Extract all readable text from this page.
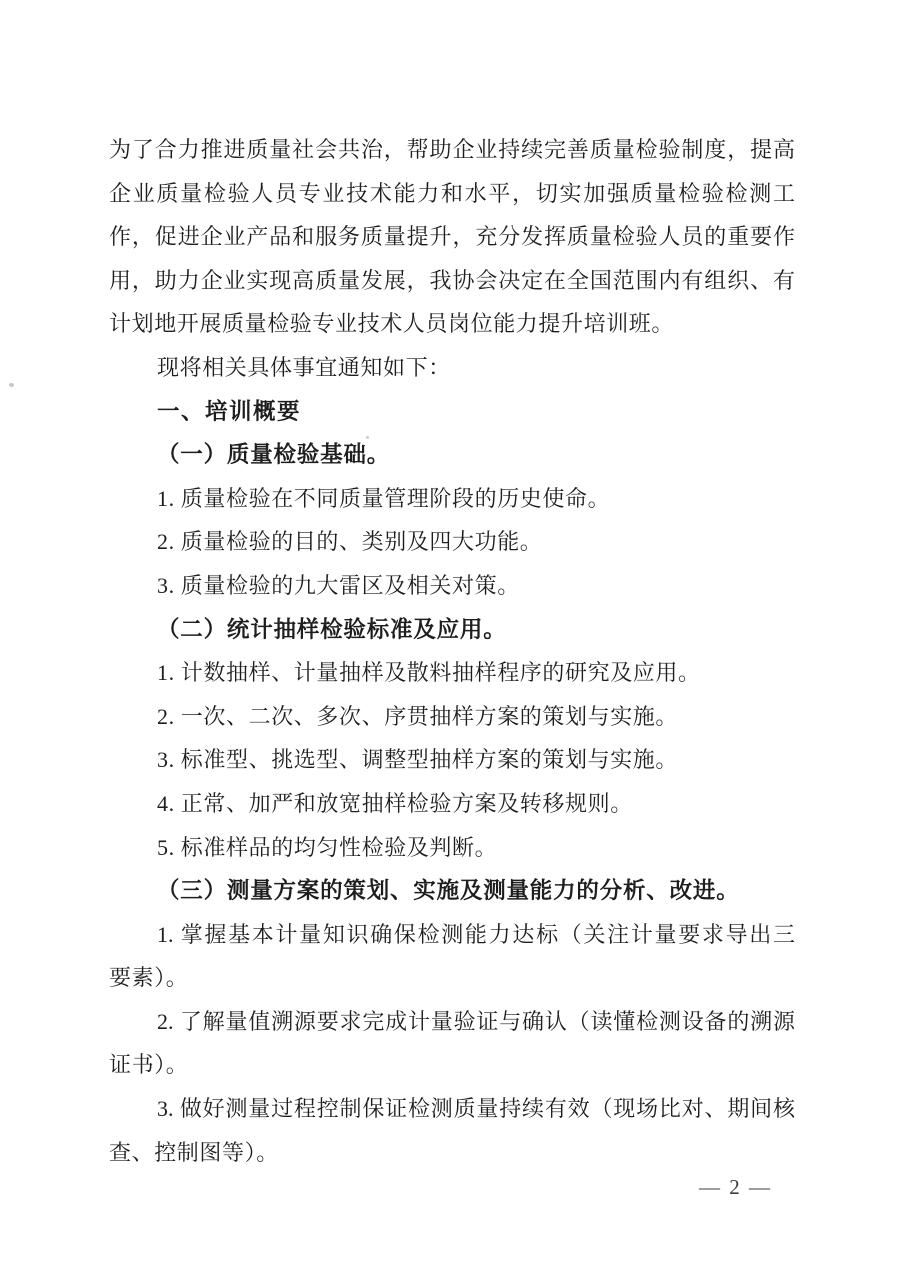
为了合力推进质量社会共治，帮助企业持续完善质量检验制度，提高
企业质量检验人员专业技术能力和水平，切实加强质量检验检测工
作，促进企业产品和服务质量提升，充分发挥质量检验人员的重要作
用，助力企业实现高质量发展，我协会决定在全国范围内有组织、有
计划地开展质量检验专业技术人员岗位能力提升培训班。
现将相关具体事宜通知如下：
一、培训概要
（一）质量检验基础。
1. 质量检验在不同质量管理阶段的历史使命。
2. 质量检验的目的、类别及四大功能。
3. 质量检验的九大雷区及相关对策。
（二）统计抽样检验标准及应用。
1. 计数抽样、计量抽样及散料抽样程序的研究及应用。
2. 一次、二次、多次、序贯抽样方案的策划与实施。
3. 标准型、挑选型、调整型抽样方案的策划与实施。
4. 正常、加严和放宽抽样检验方案及转移规则。
5. 标准样品的均匀性检验及判断。
（三）测量方案的策划、实施及测量能力的分析、改进。
1. 掌握基本计量知识确保检测能力达标（关注计量要求导出三
要素）。
2. 了解量值溯源要求完成计量验证与确认（读懂检测设备的溯源
证书）。
3. 做好测量过程控制保证检测质量持续有效（现场比对、期间核
查、控制图等）。
— 2 —
